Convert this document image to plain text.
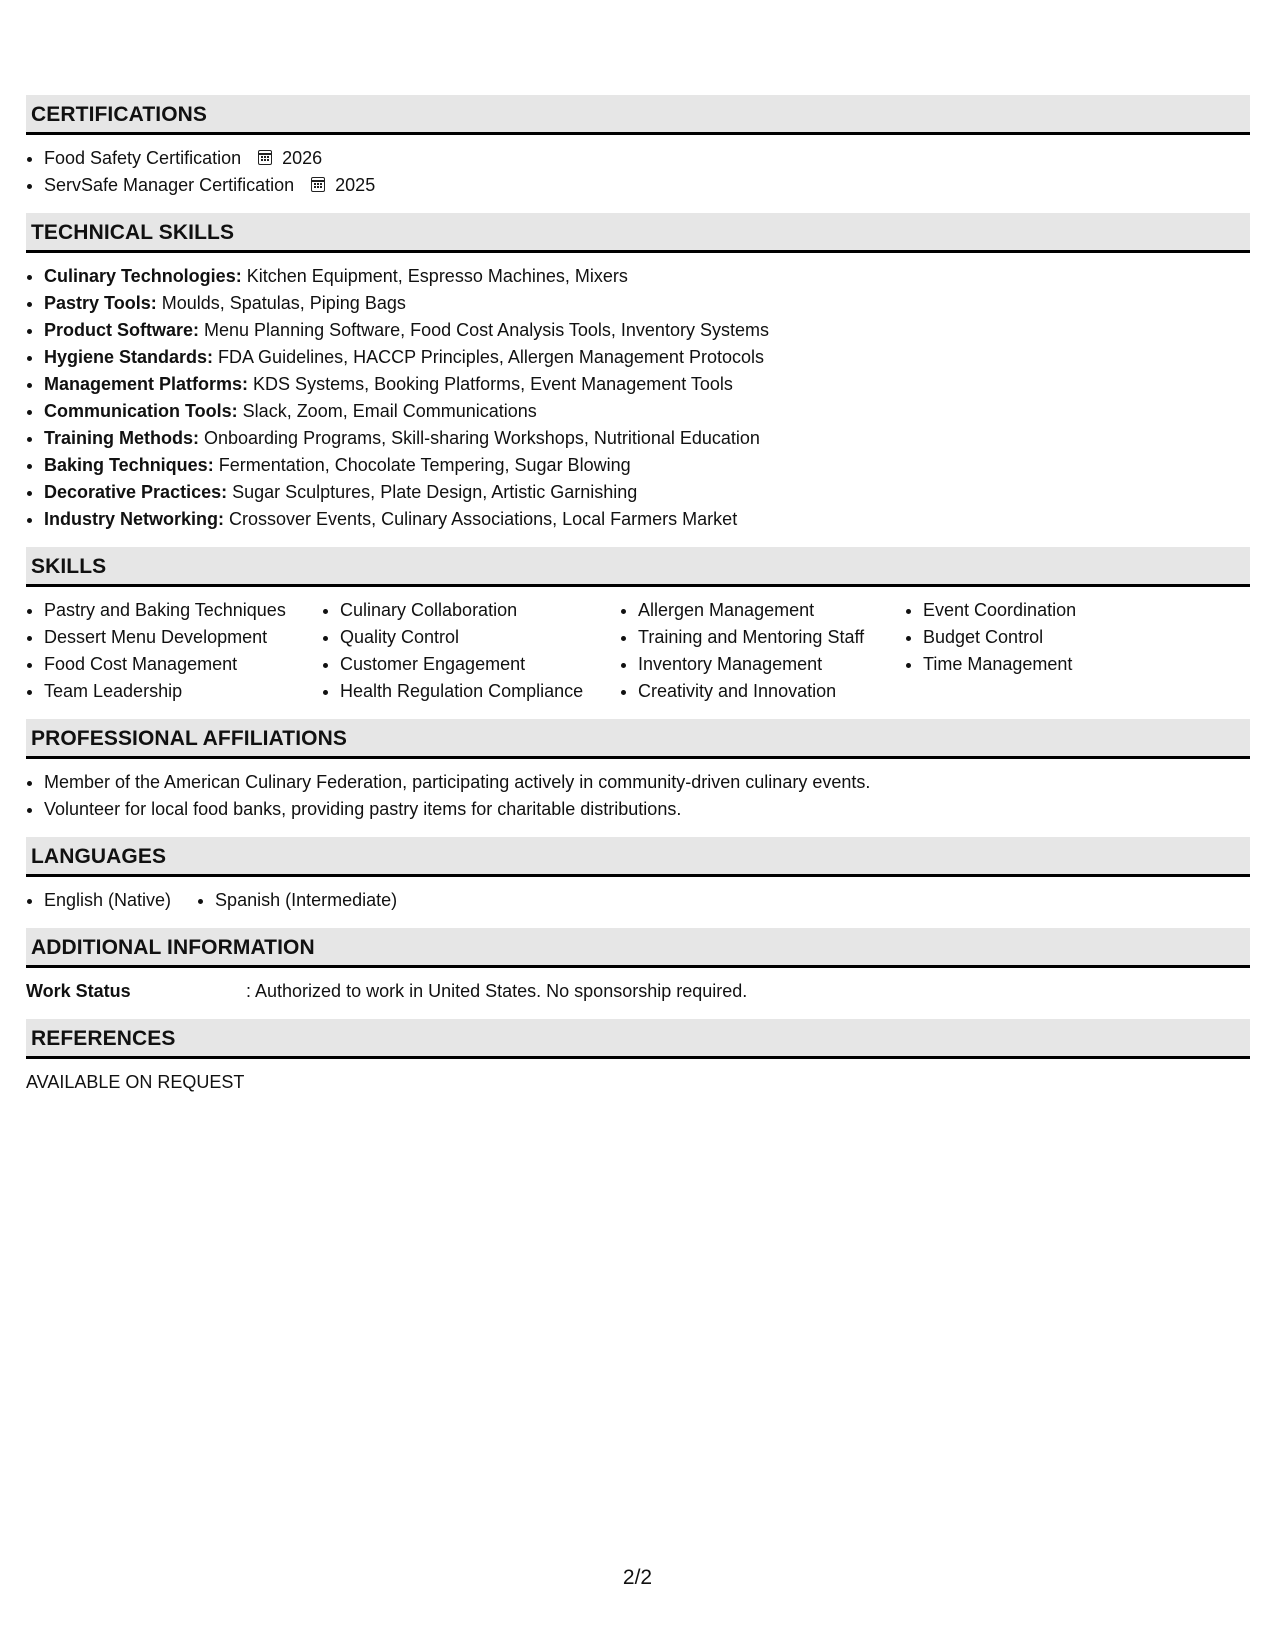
CERTIFICATIONS
• Food Safety Certification 2026
• ServSafe Manager Certification 2025
TECHNICAL SKILLS
• Culinary Technologies: Kitchen Equipment, Espresso Machines, Mixers
• Pastry Tools: Moulds, Spatulas, Piping Bags
• Product Software: Menu Planning Software, Food Cost Analysis Tools, Inventory Systems
• Hygiene Standards: FDA Guidelines, HACCP Principles, Allergen Management Protocols
• Management Platforms: KDS Systems, Booking Platforms, Event Management Tools
• Communication Tools: Slack, Zoom, Email Communications
• Training Methods: Onboarding Programs, Skill-sharing Workshops, Nutritional Education
• Baking Techniques: Fermentation, Chocolate Tempering, Sugar Blowing
• Decorative Practices: Sugar Sculptures, Plate Design, Artistic Garnishing
• Industry Networking: Crossover Events, Culinary Associations, Local Farmers Market
SKILLS
• Pastry and Baking Techniques
• Dessert Menu Development
• Food Cost Management
• Team Leadership
• Culinary Collaboration
• Quality Control
• Customer Engagement
• Health Regulation Compliance
• Allergen Management
• Training and Mentoring Staff
• Inventory Management
• Creativity and Innovation
• Event Coordination
• Budget Control
• Time Management
PROFESSIONAL AFFILIATIONS
• Member of the American Culinary Federation, participating actively in community-driven culinary events.
• Volunteer for local food banks, providing pastry items for charitable distributions.
LANGUAGES
• English (Native)
• Spanish (Intermediate)
ADDITIONAL INFORMATION
Work Status	: Authorized to work in United States. No sponsorship required.
REFERENCES
AVAILABLE ON REQUEST
2/2
